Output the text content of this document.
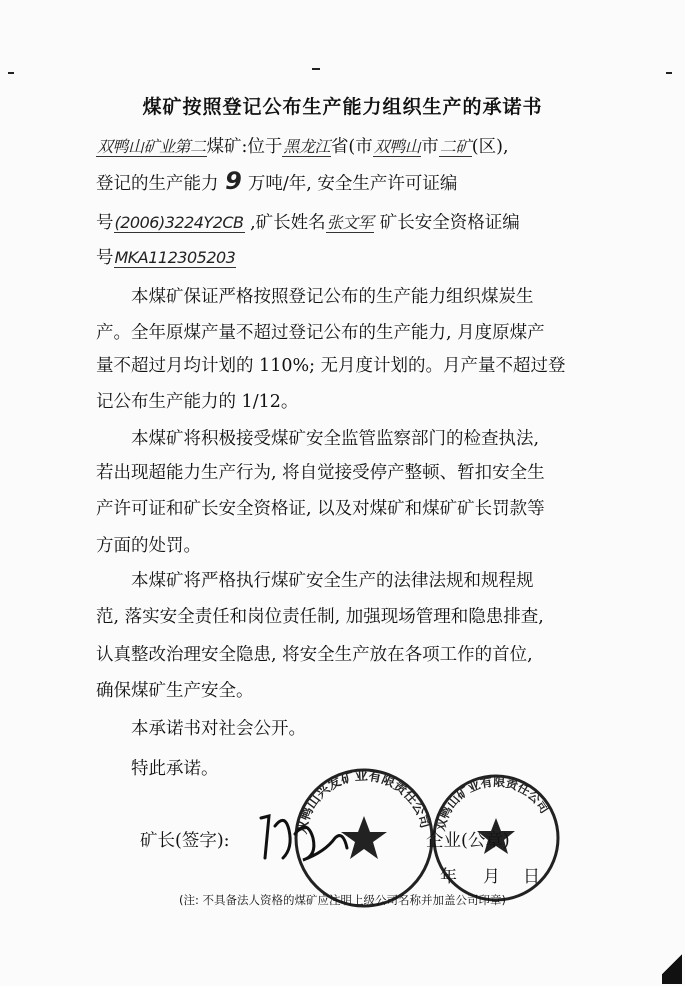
煤矿按照登记公布生产能力组织生产的承诺书
双鸭山矿业第二煤矿:位于黑龙江省(市双鸭山市二矿(区),
登记的生产能力 9 万吨/年, 安全生产许可证编
号(2006)3224Y2CB ,矿长姓名张文军 矿长安全资格证编
号MKA112305203
　　本煤矿保证严格按照登记公布的生产能力组织煤炭生
产。全年原煤产量不超过登记公布的生产能力, 月度原煤产
量不超过月均计划的 110%; 无月度计划的。月产量不超过登
记公布生产能力的 1/12。
　　本煤矿将积极接受煤矿安全监管监察部门的检查执法,
若出现超能力生产行为, 将自觉接受停产整顿、暂扣安全生
产许可证和矿长安全资格证, 以及对煤矿和煤矿矿长罚款等
方面的处罚。
　　本煤矿将严格执行煤矿安全生产的法律法规和规程规
范, 落实安全责任和岗位责任制, 加强现场管理和隐患排查,
认真整改治理安全隐患, 将安全生产放在各项工作的首位,
确保煤矿生产安全。
　　本承诺书对社会公开。
　　特此承诺。
双鸭山兴发矿业有限责任公司 双鸭山矿业有限责任公司
矿长(签字):	企业(公章)
年 月 日
(注: 不具备法人资格的煤矿应注明上级公司名称并加盖公司印章)
